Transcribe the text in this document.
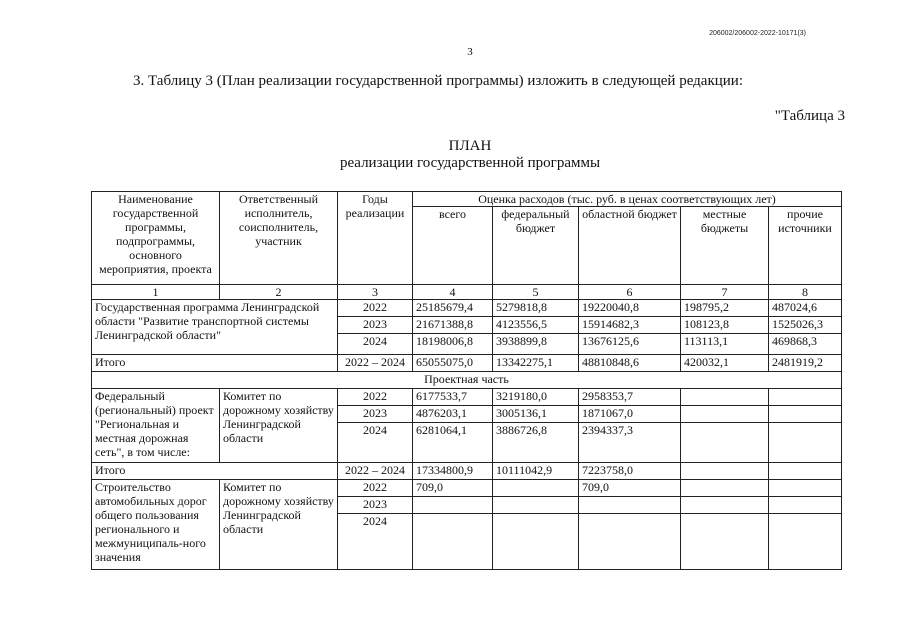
206002/206002-2022-10171(3)
3
3. Таблицу 3 (План реализации государственной программы) изложить в следующей редакции:
"Таблица 3
ПЛАН
реализации государственной программы
Наименование государственной программы, подпрограммы, основного мероприятия, проекта	Ответственный исполнитель, соисполнитель, участник	Годы реализации	Оценка расходов (тыс. руб. в ценах соответствующих лет)				
			всего	федеральный бюджет	областной бюджет	местные бюджеты	прочие источники
1	2	3	4	5	6	7	8
Государственная программа Ленинградской области "Развитие транспортной системы Ленинградской области"		2022	25185679,4	5279818,8	19220040,8	198795,2	487024,6
		2023	21671388,8	4123556,5	15914682,3	108123,8	1525026,3
		2024	18198006,8	3938899,8	13676125,6	113113,1	469868,3
Итого		2022 – 2024	65055075,0	13342275,1	48810848,6	420032,1	2481919,2
Проектная часть							
Федеральный (региональный) проект "Региональная и местная дорожная сеть", в том числе:	Комитет по дорожному хозяйству Ленинградской области	2022	6177533,7	3219180,0	2958353,7		
		2023	4876203,1	3005136,1	1871067,0		
		2024	6281064,1	3886726,8	2394337,3		
Итого		2022 – 2024	17334800,9	10111042,9	7223758,0		
Строительство автомобильных дорог общего пользования регионального и межмуниципаль-ного значения	Комитет по дорожному хозяйству Ленинградской области	2022	709,0		709,0		
		2023					
		2024					
